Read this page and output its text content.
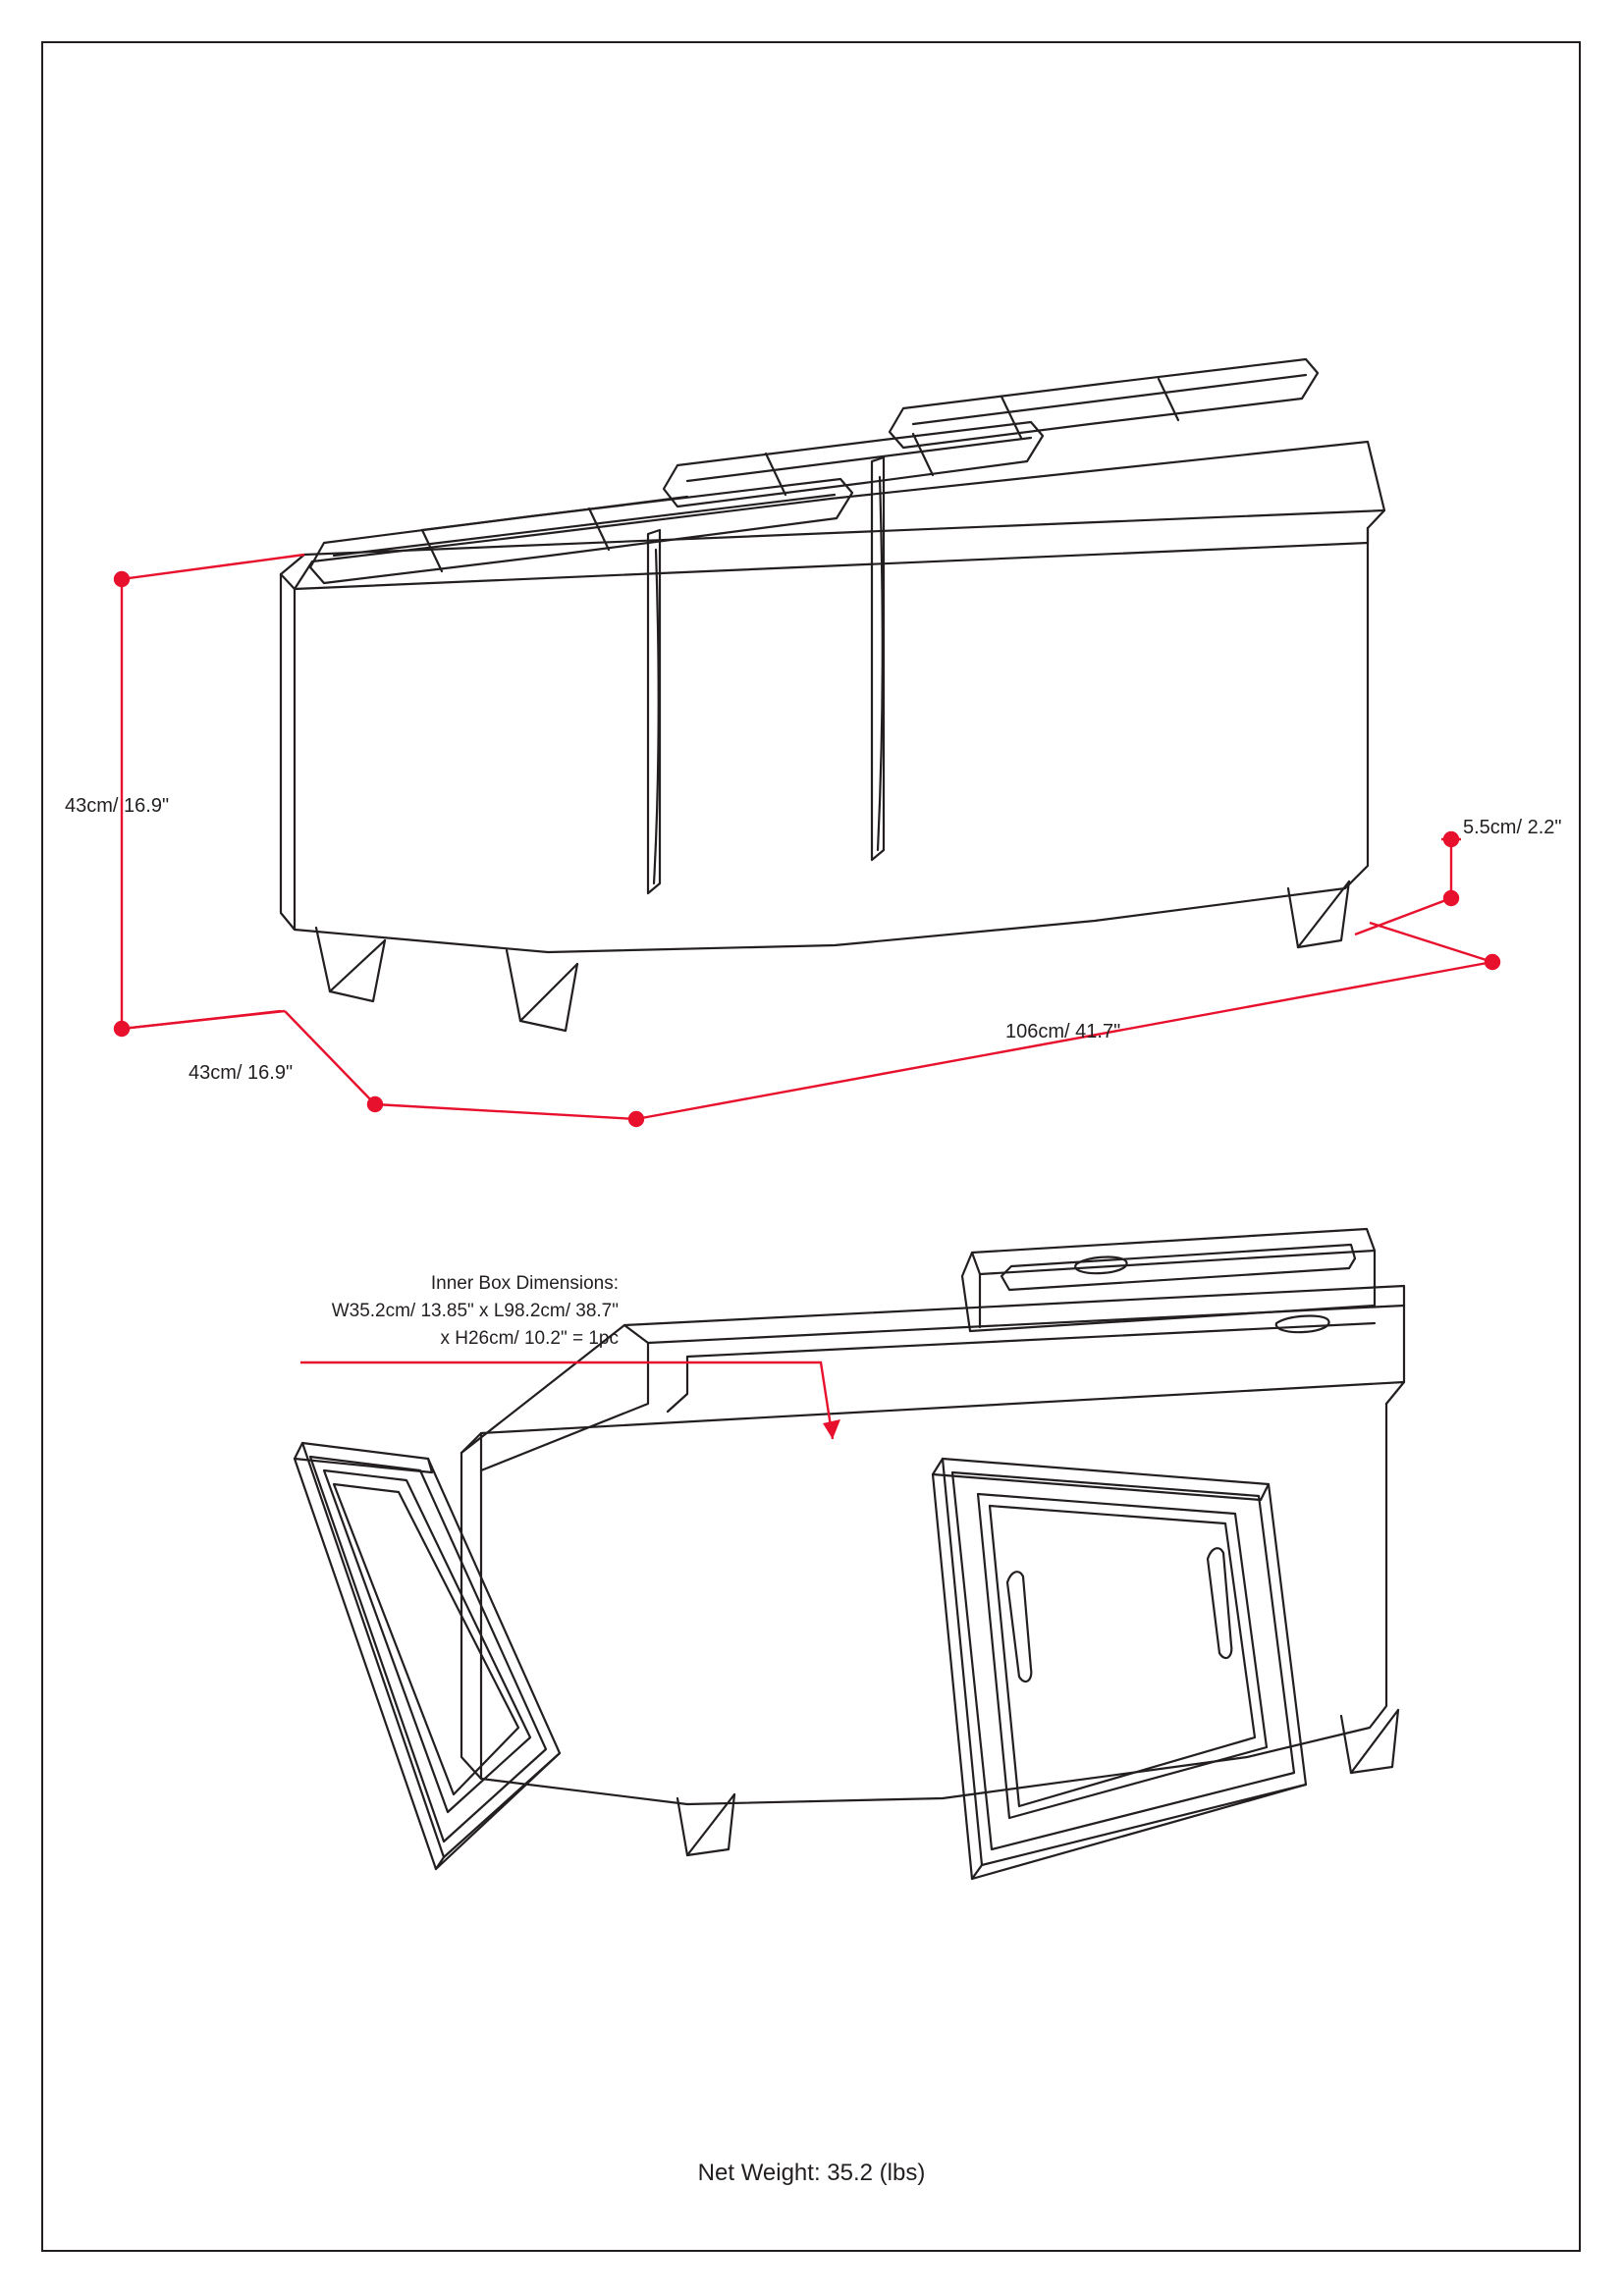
43cm/ 16.9"
43cm/ 16.9"
106cm/ 41.7"
5.5cm/ 2.2"
Inner Box Dimensions:
W35.2cm/ 13.85" x L98.2cm/ 38.7"
x H26cm/ 10.2" = 1pc
Net Weight: 35.2 (lbs)
